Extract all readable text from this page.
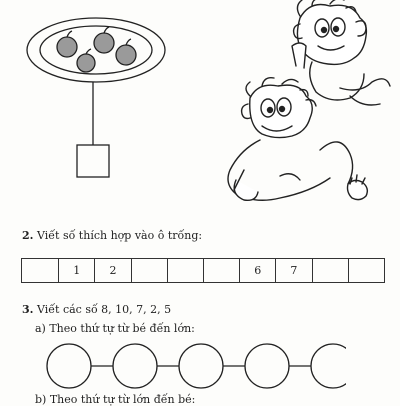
2. Viết số thích hợp vào ô trống:
1	2	6	7
3. Viết các số 8, 10, 7, 2, 5
a) Theo thứ tự từ bé đến lớn:
b) Theo thứ tự từ lớn đến bé:
